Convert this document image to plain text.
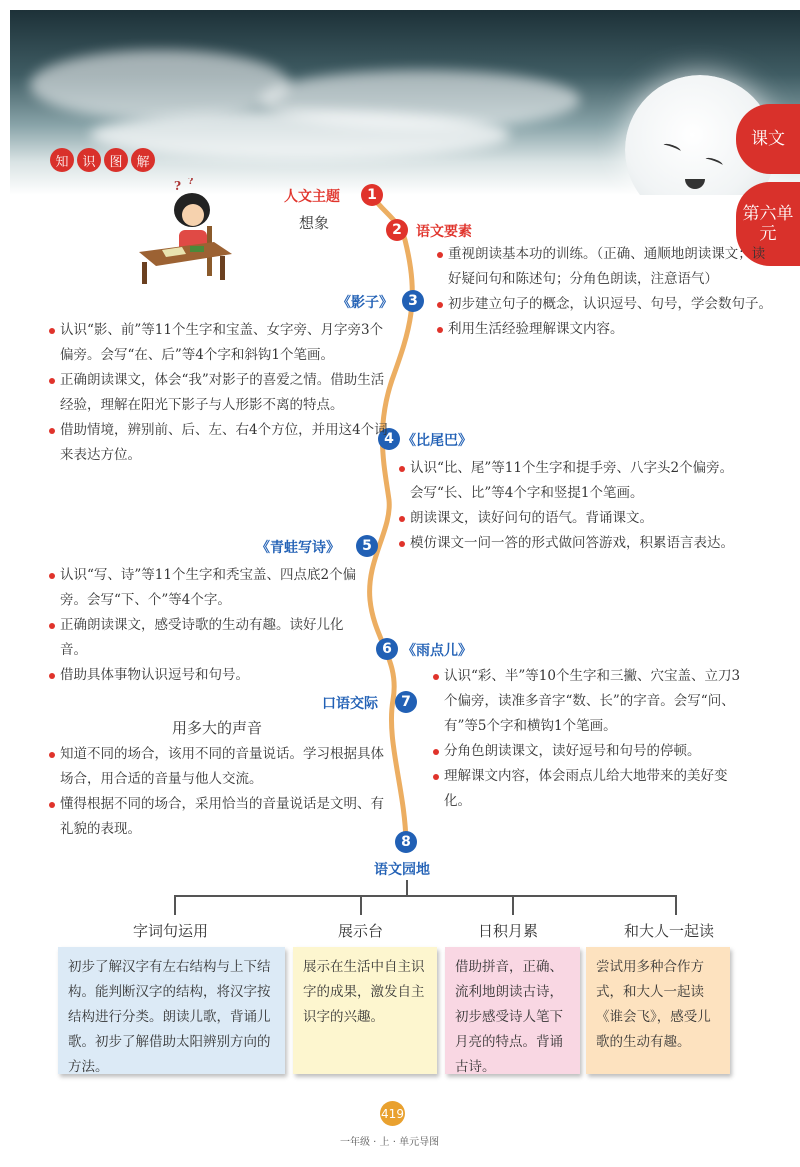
课文
第六单元
知	识	图	解
? ?
1
人文主题
想象	2 语文要素
3
《影子》
4 《比尾巴》
5
《青蛙写诗》
6 《雨点儿》
7
口语交际
8
语文园地

重视朗读基本功的训练。（正确、通顺地朗读课文；读好疑问句和陈述句；分角色朗读，注意语气）

初步建立句子的概念，认识逗号、句号，学会数句子。

利用生活经验理解课文内容。

认识“影、前”等11个生字和宝盖、女字旁、月字旁3个偏旁。会写“在、后”等4个字和斜钩1个笔画。

正确朗读课文，体会“我”对影子的喜爱之情。借助生活经验，理解在阳光下影子与人形影不离的特点。

借助情境，辨别前、后、左、右4个方位，并用这4个词来表达方位。

认识“比、尾”等11个生字和提手旁、八字头2个偏旁。会写“长、比”等4个字和竖提1个笔画。

朗读课文，读好问句的语气。背诵课文。

模仿课文一问一答的形式做问答游戏，积累语言表达。

认识“写、诗”等11个生字和秃宝盖、四点底2个偏旁。会写“下、个”等4个字。

正确朗读课文，感受诗歌的生动有趣。读好儿化音。

借助具体事物认识逗号和句号。	认识“彩、半”等10个生字和三撇、穴宝盖、立刀3个偏旁，读准多音字“数、长”的字音。会写“问、有”等5个字和横钩1个笔画。

分角色朗读课文，读好逗号和句号的停顿。

理解课文内容，体会雨点儿给大地带来的美好变化。

用多大的声音

知道不同的场合，该用不同的音量说话。学习根据具体场合，用合适的音量与他人交流。

懂得根据不同的场合，采用恰当的音量说话是文明、有礼貌的表现。

字词句运用	展示台	日积月累	和大人一起读
初步了解汉字有左右结构与上下结构。能判断汉字的结构，将汉字按结构进行分类。朗读儿歌，背诵儿歌。初步了解借助太阳辨别方向的方法。
展示在生活中自主识字的成果，激发自主识字的兴趣。
借助拼音，正确、流利地朗读古诗，初步感受诗人笔下月亮的特点。背诵古诗。
尝试用多种合作方式，和大人一起读《谁会飞》，感受儿歌的生动有趣。
419
一年级 · 上 · 单元导图
